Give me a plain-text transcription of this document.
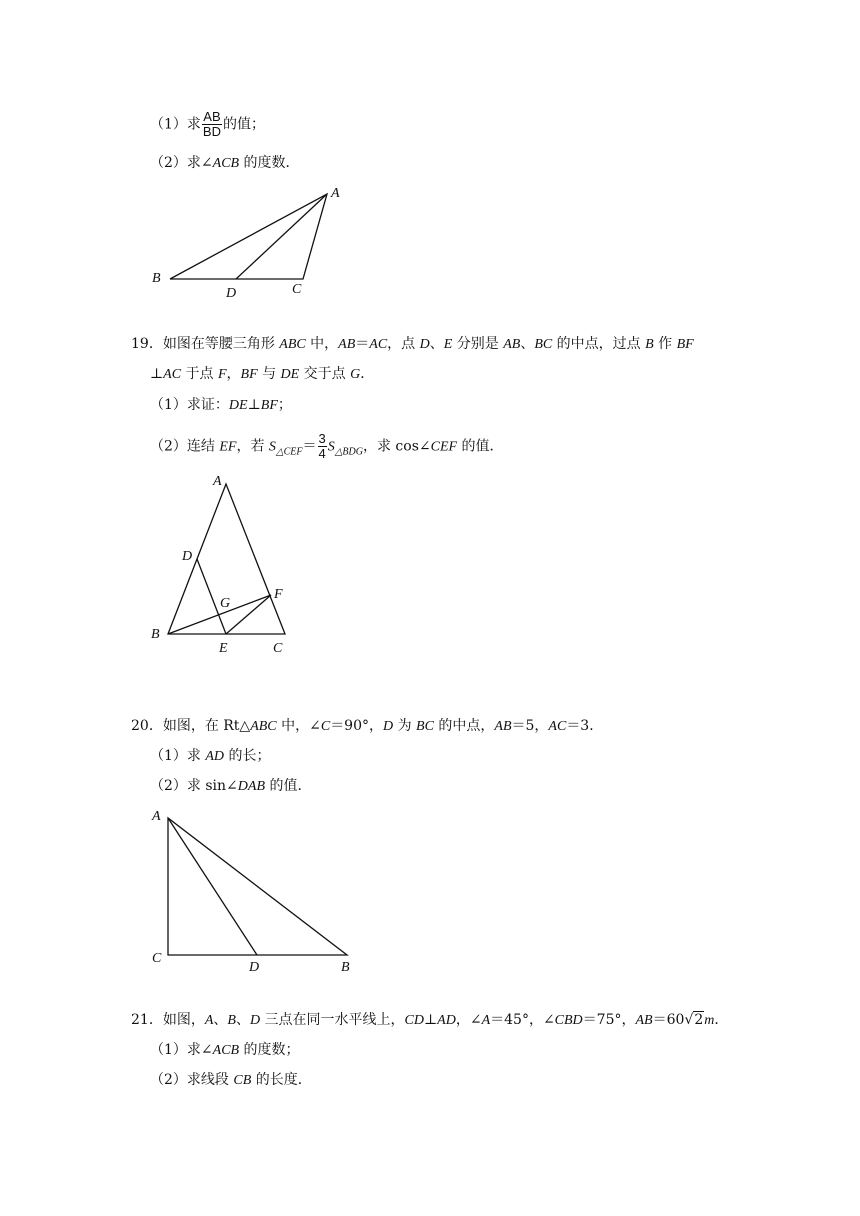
（1）求 $\frac{AB}{BD}$ 的值；
（2）求∠ACB 的度数．
A
B
D	C
19．如图在等腰三角形 ABC 中，AB＝AC，点 D、E 分别是 AB、BC 的中点，过点 B 作 BF
⊥AC 于点 F，BF 与 DE 交于点 G．
（1）求证：DE⊥BF；
（2）连结 EF，若 $S_{\triangle CEF}= \frac{3}{4} S_{\triangle BDG}$，求 cos∠CEF 的值．
A
D
G
F
B
E	C
20．如图，在 Rt△ABC 中，∠C＝90°，D 为 BC 的中点，AB＝5，AC＝3．
（1）求 AD 的长；
（2）求 sin∠DAB 的值．
A
C
D	B
21．如图，A、B、D 三点在同一水平线上，CD⊥AD，∠A＝45°，∠CBD＝75°，AB＝60√2m．
（1）求∠ACB 的度数；
（2）求线段 CB 的长度．
